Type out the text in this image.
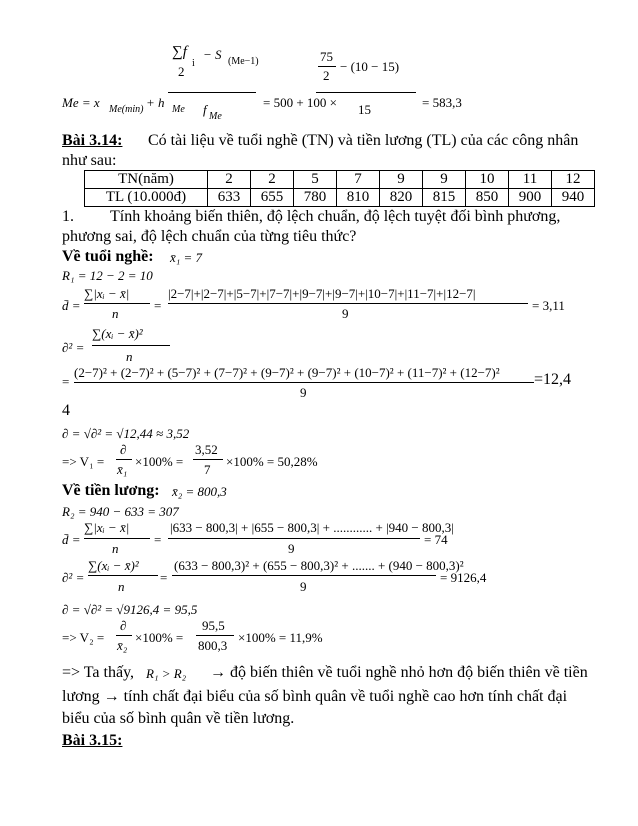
∑f
i
− S (Me−1)
2
Me = x Me(min) + h Me f Me
= 500 + 100 ×
75
2
− (10 − 15)
15	= 583,3
Bài 3.14: Có tài liệu về tuổi nghề (TN) và tiền lương (TL) của các công nhân
như sau:
TN(năm)	2	2	5	7	9	9	10	11	12
TL (10.000đ)	633	655	780	810	820	815	850	900	940
1. Tính khoảng biến thiên, độ lệch chuẩn, độ lệch tuyệt đối bình phương,
phương sai, độ lệch chuẩn của từng tiêu thức?
Về tuổi nghề: x̄₁ = 7
R₁ = 12 − 2 = 10
d̄ =
∑|xᵢ − x̄|
n
=
|2−7|+|2−7|+|5−7|+|7−7|+|9−7|+|9−7|+|10−7|+|11−7|+|12−7|
9
= 3,11
∂² =
∑(xᵢ − x̄)²
n
=
(2−7)² + (2−7)² + (5−7)² + (7−7)² + (9−7)² + (9−7)² + (10−7)² + (11−7)² + (12−7)²
9
=12,4
4
∂ = √∂² = √12,44 ≈ 3,52
=> V₁ =
∂
x̄₁
×100% =
3,52
7
×100% = 50,28%
Về tiền lương: x̄₂ = 800,3
R₂ = 940 − 633 = 307
d̄ =
∑|xᵢ − x̄|
n
=
|633 − 800,3| + |655 − 800,3| + ............ + |940 − 800,3|
9
= 74
∂² =
∑(xᵢ − x̄)²
n
=
(633 − 800,3)² + (655 − 800,3)² + ....... + (940 − 800,3)²
9
= 9126,4
∂ = √∂² = √9126,4 = 95,5
=> V₂ =
∂
x̄₂
×100% =
95,5
800,3
×100% = 11,9%
=> Ta thấy, R₁ > R₂ → độ biến thiên về tuổi nghề nhỏ hơn độ biến thiên về tiền
lương → tính chất đại biểu của số bình quân về tuổi nghề cao hơn tính chất đại
biểu của số bình quân về tiền lương.
Bài 3.15:
